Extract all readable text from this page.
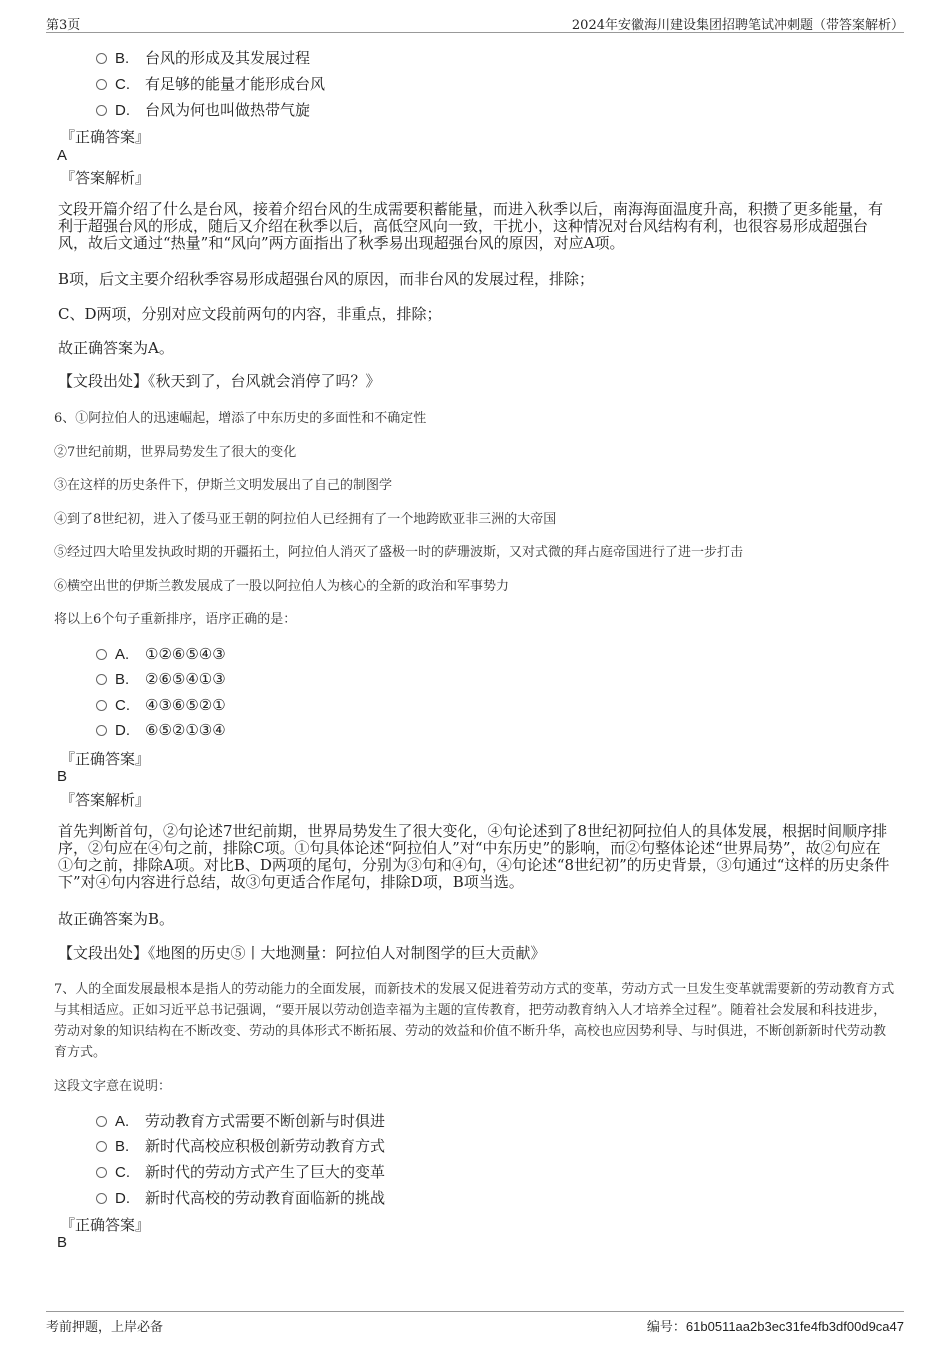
第3页	2024年安徽海川建设集团招聘笔试冲刺题（带答案解析）
B. 台风的形成及其发展过程
C. 有足够的能量才能形成台风
D. 台风为何也叫做热带气旋
『正确答案』
A
『答案解析』
文段开篇介绍了什么是台风，接着介绍台风的生成需要积蓄能量，而进入秋季以后，南海海面温度升高，积攒了更多能量，有利于超强台风的形成，随后又介绍在秋季以后，高低空风向一致，干扰小，这种情况对台风结构有利，也很容易形成超强台风，故后文通过“热量”和“风向”两方面指出了秋季易出现超强台风的原因，对应A项。
B项，后文主要介绍秋季容易形成超强台风的原因，而非台风的发展过程，排除；
C、D两项，分别对应文段前两句的内容，非重点，排除；
故正确答案为A。
【文段出处】《秋天到了，台风就会消停了吗？》
6、①阿拉伯人的迅速崛起，增添了中东历史的多面性和不确定性
②7世纪前期，世界局势发生了很大的变化
③在这样的历史条件下，伊斯兰文明发展出了自己的制图学
④到了8世纪初，进入了倭马亚王朝的阿拉伯人已经拥有了一个地跨欧亚非三洲的大帝国
⑤经过四大哈里发执政时期的开疆拓土，阿拉伯人消灭了盛极一时的萨珊波斯，又对式微的拜占庭帝国进行了进一步打击
⑥横空出世的伊斯兰教发展成了一股以阿拉伯人为核心的全新的政治和军事势力
将以上6个句子重新排序，语序正确的是：
A. ①②⑥⑤④③
B. ②⑥⑤④①③
C. ④③⑥⑤②①
D. ⑥⑤②①③④
『正确答案』
B
『答案解析』
首先判断首句，②句论述7世纪前期，世界局势发生了很大变化，④句论述到了8世纪初阿拉伯人的具体发展，根据时间顺序排序，②句应在④句之前，排除C项。①句具体论述“阿拉伯人”对“中东历史”的影响，而②句整体论述“世界局势”，故②句应在①句之前，排除A项。对比B、D两项的尾句，分别为③句和④句，④句论述“8世纪初”的历史背景，③句通过“这样的历史条件下”对④句内容进行总结，故③句更适合作尾句，排除D项，B项当选。
故正确答案为B。
【文段出处】《地图的历史⑤丨大地测量：阿拉伯人对制图学的巨大贡献》
7、人的全面发展最根本是指人的劳动能力的全面发展，而新技术的发展又促进着劳动方式的变革，劳动方式一旦发生变革就需要新的劳动教育方式与其相适应。正如习近平总书记强调，“要开展以劳动创造幸福为主题的宣传教育，把劳动教育纳入人才培养全过程”。随着社会发展和科技进步，劳动对象的知识结构在不断改变、劳动的具体形式不断拓展、劳动的效益和价值不断升华，高校也应因势利导、与时俱进，不断创新新时代劳动教育方式。
这段文字意在说明：
A. 劳动教育方式需要不断创新与时俱进
B. 新时代高校应积极创新劳动教育方式
C. 新时代的劳动方式产生了巨大的变革
D. 新时代高校的劳动教育面临新的挑战
『正确答案』
B
考前押题，上岸必备	编号：61b0511aa2b3ec31fe4fb3df00d9ca47
